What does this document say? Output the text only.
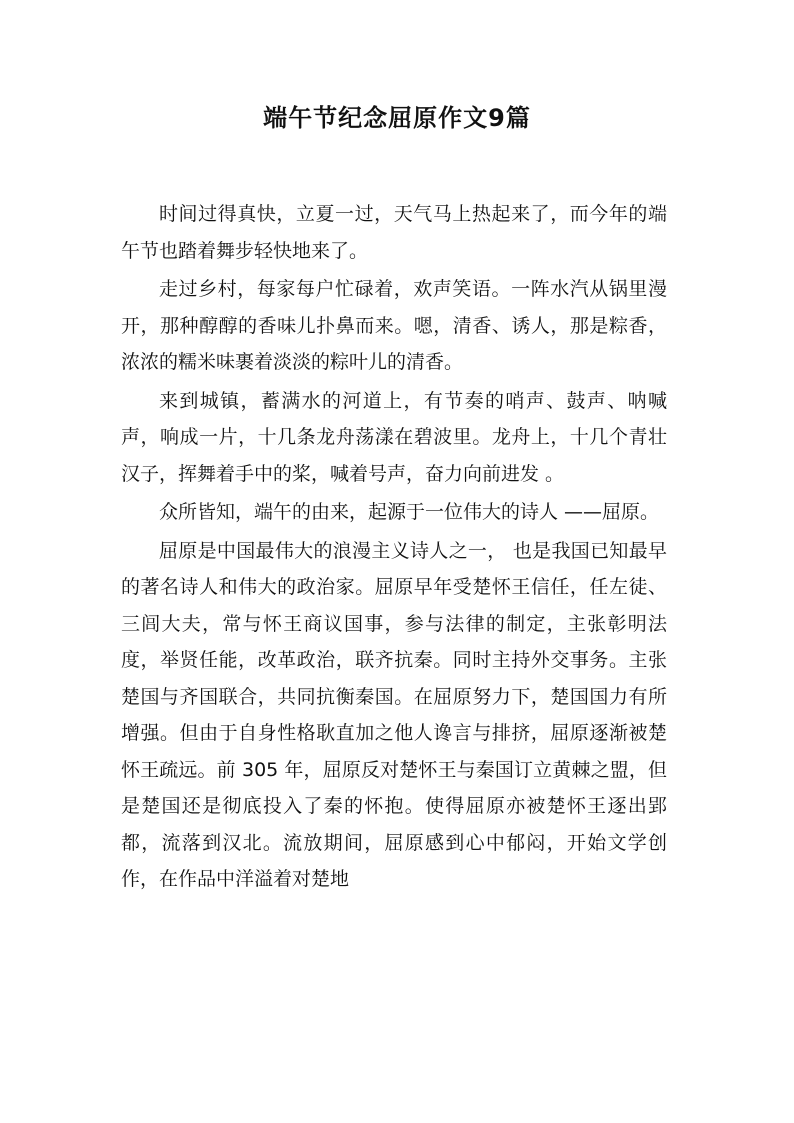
端午节纪念屈原作文9篇

时间过得真快，立夏一过，天气马上热起来了，而今年的端午节也踏着舞步轻快地来了。

走过乡村，每家每户忙碌着，欢声笑语。一阵水汽从锅里漫开，那种醇醇的香味儿扑鼻而来。嗯，清香、诱人，那是粽香，浓浓的糯米味裹着淡淡的粽叶儿的清香。

来到城镇，蓄满水的河道上，有节奏的哨声、鼓声、呐喊声，响成一片，十几条龙舟荡漾在碧波里。龙舟上，十几个青壮汉子，挥舞着手中的桨，喊着号声，奋力向前进发 。

众所皆知，端午的由来，起源于一位伟大的诗人 ——屈原。

屈原是中国最伟大的浪漫主义诗人之一， 也是我国已知最早的著名诗人和伟大的政治家。屈原早年受楚怀王信任，任左徒、三闾大夫，常与怀王商议国事，参与法律的制定，主张彰明法度，举贤任能，改革政治，联齐抗秦。同时主持外交事务。主张楚国与齐国联合，共同抗衡秦国。在屈原努力下，楚国国力有所增强。但由于自身性格耿直加之他人谗言与排挤，屈原逐渐被楚怀王疏远。前 305 年，屈原反对楚怀王与秦国订立黄棘之盟，但是楚国还是彻底投入了秦的怀抱。使得屈原亦被楚怀王逐出郢都，流落到汉北。流放期间，屈原感到心中郁闷，开始文学创作，在作品中洋溢着对楚地
